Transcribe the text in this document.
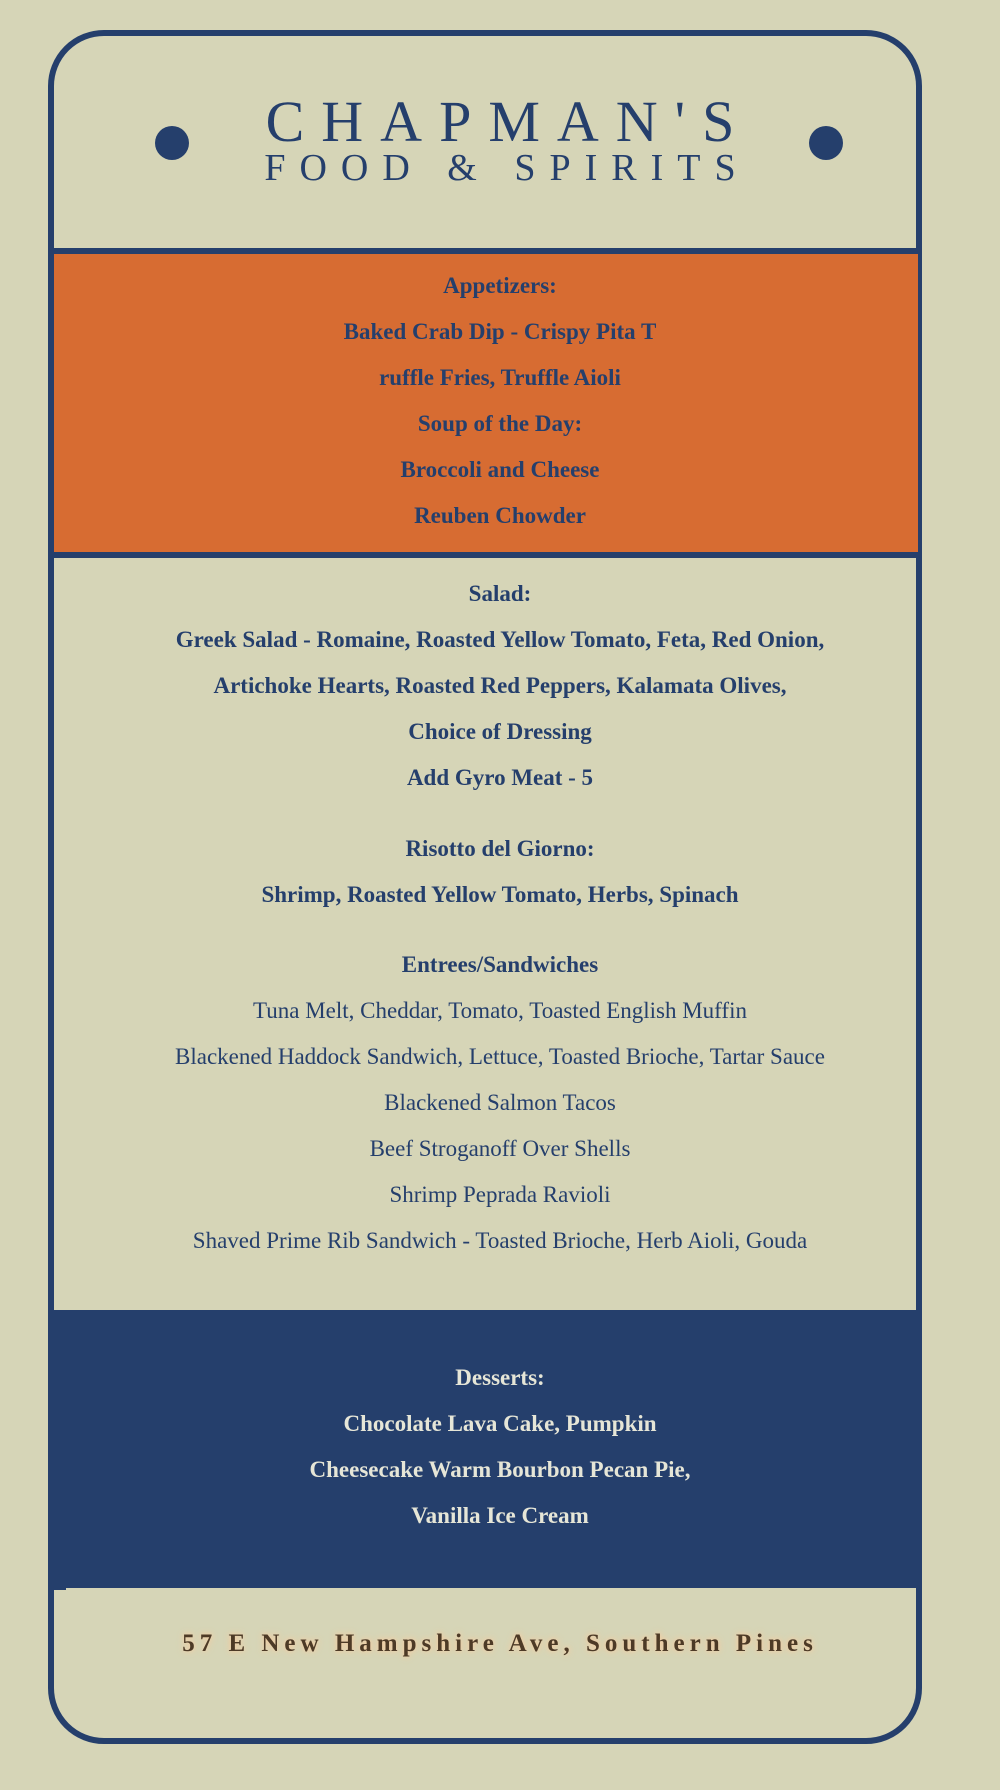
CHAPMAN'S
FOOD & SPIRITS
Appetizers:
Baked Crab Dip - Crispy Pita T
ruffle Fries, Truffle Aioli
Soup of the Day:
Broccoli and Cheese
Reuben Chowder
Salad:
Greek Salad - Romaine, Roasted Yellow Tomato, Feta, Red Onion,
Artichoke Hearts, Roasted Red Peppers, Kalamata Olives,
Choice of Dressing
Add Gyro Meat - 5
Risotto del Giorno:
Shrimp, Roasted Yellow Tomato, Herbs, Spinach
Entrees/Sandwiches
Tuna Melt, Cheddar, Tomato, Toasted English Muffin
Blackened Haddock Sandwich, Lettuce, Toasted Brioche, Tartar Sauce
Blackened Salmon Tacos
Beef Stroganoff Over Shells
Shrimp Peprada Ravioli
Shaved Prime Rib Sandwich - Toasted Brioche, Herb Aioli, Gouda
Desserts:
Chocolate Lava Cake, Pumpkin
Cheesecake Warm Bourbon Pecan Pie,
Vanilla Ice Cream
57 E New Hampshire Ave, Southern Pines
